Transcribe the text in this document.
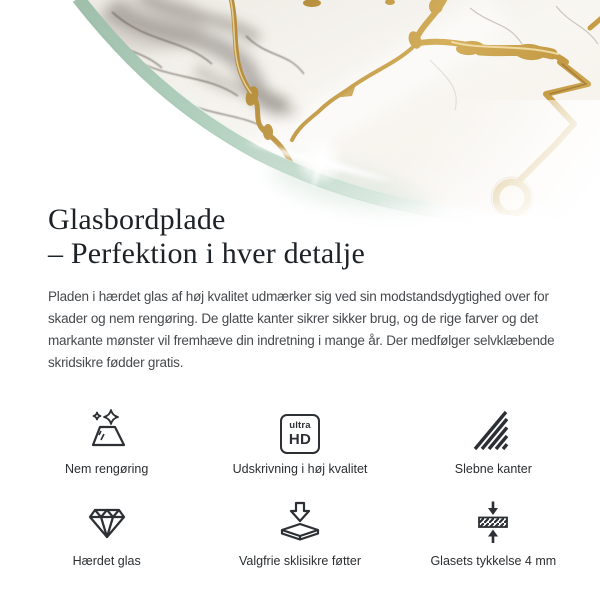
Glasbordplade
– Perfektion i hver detalje

Pladen i hærdet glas af høj kvalitet udmærker sig ved sin modstandsdygtighed over for
skader og nem rengøring. De glatte kanter sikrer sikker brug, og de rige farver og det
markante mønster vil fremhæve din indretning i mange år. Der medfølger selvklæbende
skridsikre fødder gratis.

Nem rengøring
ultra
HD
Udskrivning i høj kvalitet	Slebne kanter
Hærdet glas	Valgfrie sklisikre føtter	Glasets tykkelse 4 mm
